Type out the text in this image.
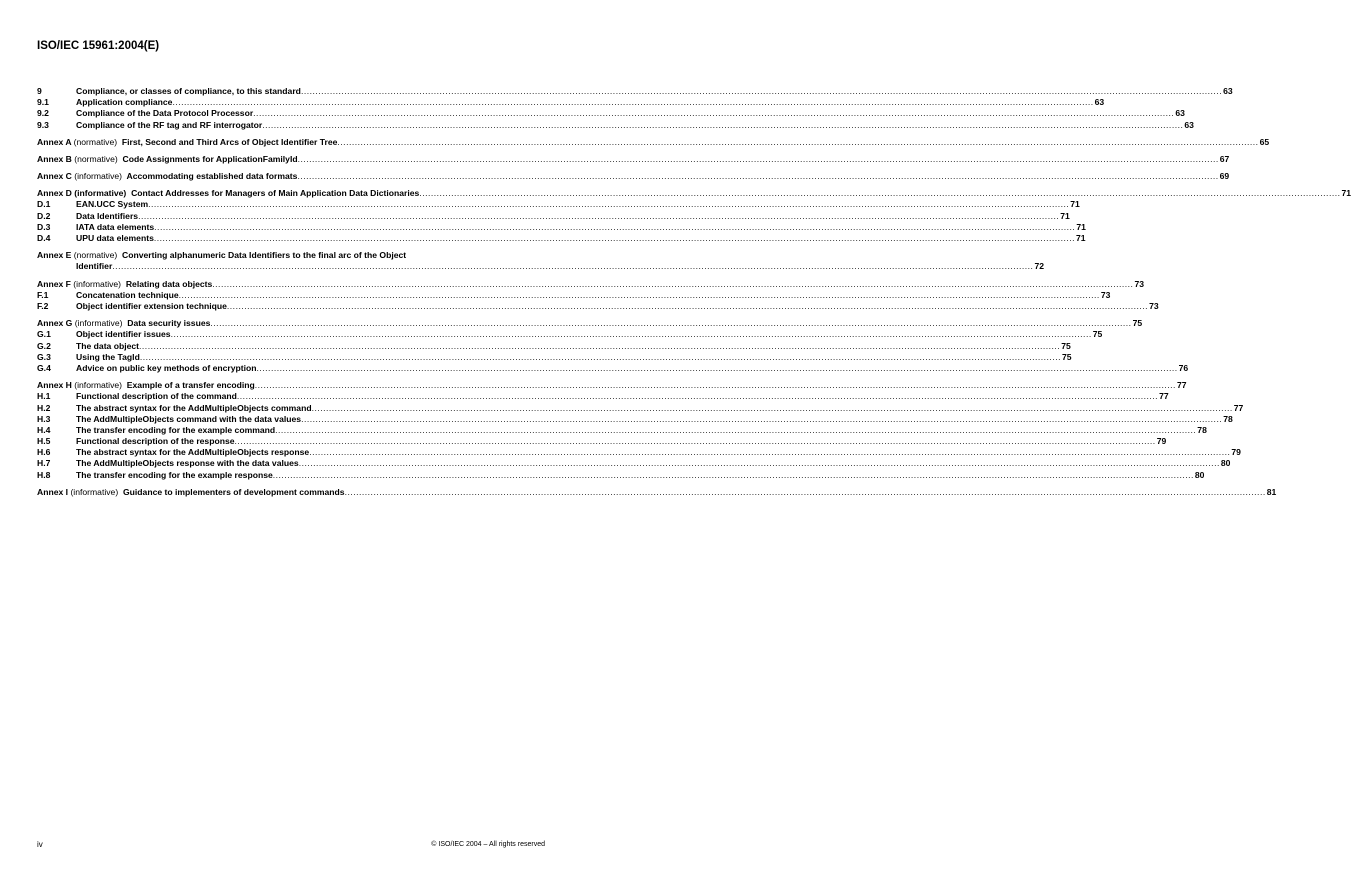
ISO/IEC 15961:2004(E)
9	Compliance, or classes of compliance, to this standard .....	63
9.1	Application compliance .....	63
9.2	Compliance of the Data Protocol Processor .....	63
9.3	Compliance of the RF tag and RF interrogator .....	63
Annex A (normative) First, Second and Third Arcs of Object Identifier Tree .....	65
Annex B (normative) Code Assignments for ApplicationFamilyId .....	67
Annex C (informative) Accommodating established data formats .....	69
Annex D (informative) Contact Addresses for Managers of Main Application Data Dictionaries .....	71
D.1	EAN.UCC System .....	71
D.2	Data Identifiers .....	71
D.3	IATA data elements .....	71
D.4	UPU data elements .....	71
Annex E (normative) Converting alphanumeric Data Identifiers to the final arc of the Object
Identifier .....	72
Annex F (informative) Relating data objects .....	73
F.1	Concatenation technique .....	73
F.2	Object identifier extension technique .....	73
Annex G (informative) Data security issues .....	75
G.1	Object identifier issues .....	75
G.2	The data object .....	75
G.3	Using the TagId .....	75
G.4	Advice on public key methods of encryption .....	76
Annex H (informative) Example of a transfer encoding .....	77
H.1	Functional description of the command .....	77
H.2	The abstract syntax for the AddMultipleObjects command .....	77
H.3	The AddMultipleObjects command with the data values .....	78
H.4	The transfer encoding for the example command .....	78
H.5	Functional description of the response .....	79
H.6	The abstract syntax for the AddMultipleObjects response .....	79
H.7	The AddMultipleObjects response with the data values .....	80
H.8	The transfer encoding for the example response .....	80
Annex I (informative) Guidance to implementers of development commands .....	81
iv	© ISO/IEC 2004 – All rights reserved
